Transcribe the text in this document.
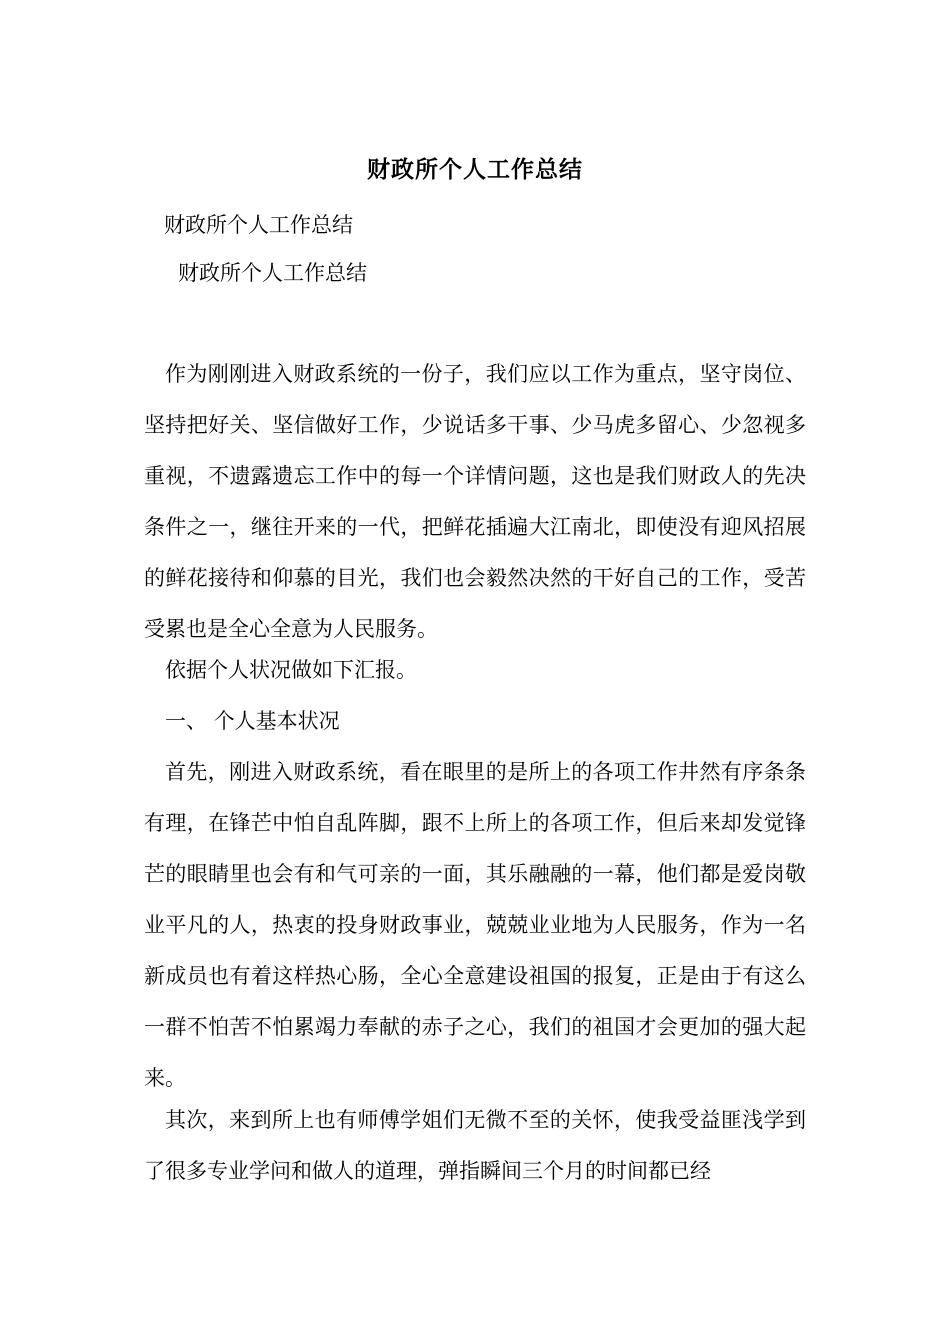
财政所个人工作总结
财政所个人工作总结
财政所个人工作总结

作为刚刚进入财政系统的一份子，我们应以工作为重点，坚守岗位、坚持把好关、坚信做好工作，少说话多干事、少马虎多留心、少忽视多重视，不遗露遗忘工作中的每一个详情问题，这也是我们财政人的先决条件之一，继往开来的一代，把鲜花插遍大江南北，即使没有迎风招展的鲜花接待和仰慕的目光，我们也会毅然决然的干好自己的工作，受苦受累也是全心全意为人民服务。

依据个人状况做如下汇报。

一、 个人基本状况

首先，刚进入财政系统，看在眼里的是所上的各项工作井然有序条条有理，在锋芒中怕自乱阵脚，跟不上所上的各项工作，但后来却发觉锋芒的眼睛里也会有和气可亲的一面，其乐融融的一幕，他们都是爱岗敬业平凡的人，热衷的投身财政事业，兢兢业业地为人民服务，作为一名新成员也有着这样热心肠，全心全意建设祖国的报复，正是由于有这么一群不怕苦不怕累竭力奉献的赤子之心，我们的祖国才会更加的强大起来。

其次，来到所上也有师傅学姐们无微不至的关怀，使我受益匪浅学到了很多专业学问和做人的道理，弹指瞬间三个月的时间都已经
